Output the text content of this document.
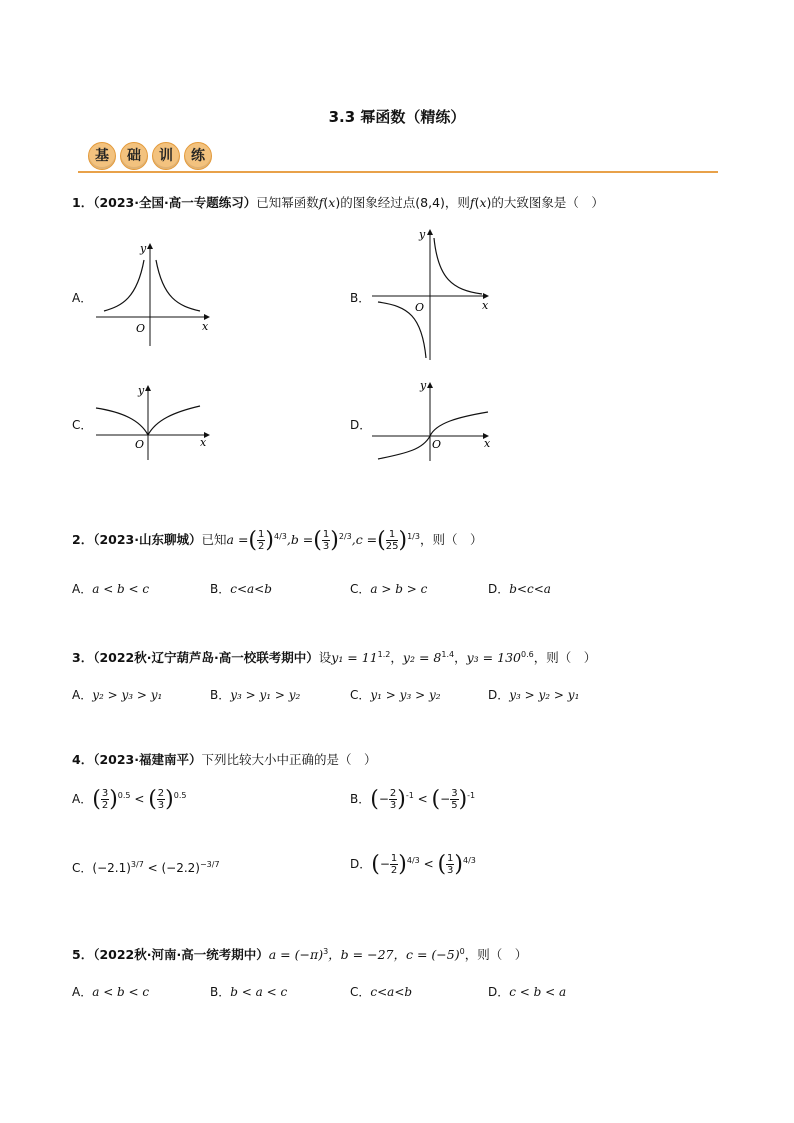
3.3 幂函数（精练）
基 础 训 练
1．（2023·全国·高一专题练习）已知幂函数f(x)的图象经过点(8,4)，则f(x)的大致图象是（　）
A．
y
x
O
B．
y
x
O
C．
y
x
O
D．
y
x
O
2．（2023·山东聊城）已知a =( $\frac{1}{2} )^{4/3},b$ =( $\frac{1}{3} )^{2/3},c$ =( $\frac{1}{25} )^{1/3}$，则（　）
A．a < b < c	B．c<a<b	C．a > b > c	D．b<c<a
3．（2022秋·辽宁葫芦岛·高一校联考期中）设$y_1 = 11^{1.2}$，$y_2 = 8^{1.4}$，$y_3 = 130^{0.6}$，则（　）
A．y₂ > y₃ > y₁	B．y₃ > y₁ > y₂	C．y₁ > y₃ > y₂	D．y₃ > y₂ > y₁
4．（2023·福建南平）下列比较大小中正确的是（　）
A．( $\frac{3}{2} )^{0.5}$ < ( $\frac{2}{3} )^{0.5}$	B．(− $\frac{2}{3} )^{-1}$ < (− $\frac{3}{5} )^{-1}$
C．$(-2.1)^{3/7} < (-2.2)^{-3/7}$	D．(− $\frac{1}{2} )^{4/3}$ < ( $\frac{1}{3} )^{4/3}$
5．（2022秋·河南·高一统考期中）$a = (-\pi)^3$，b = −27，$c = (-5)^0$，则（　）
A．a < b < c	B．b < a < c	C．c<a<b	D．c < b < a
